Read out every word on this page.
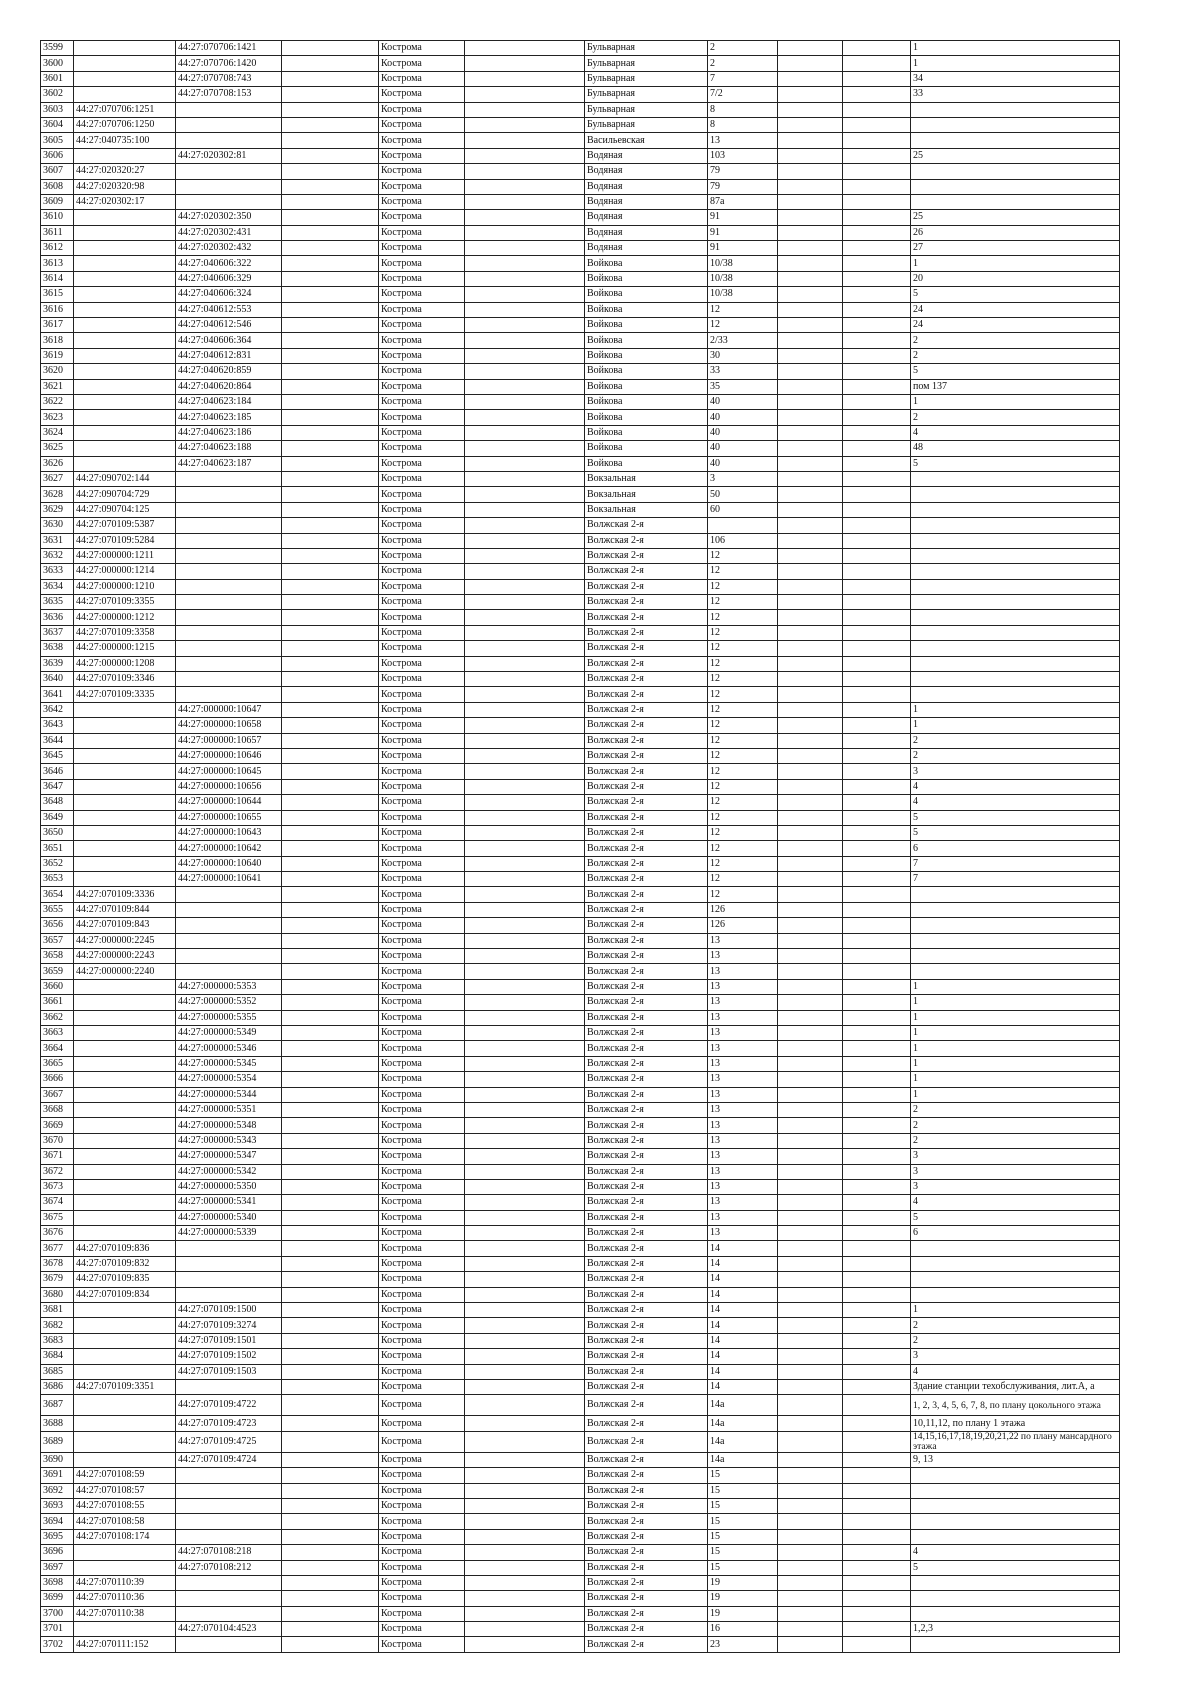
3599		44:27:070706:1421		Кострома		Бульварная	2			1
3600		44:27:070706:1420		Кострома		Бульварная	2			1
3601		44:27:070708:743		Кострома		Бульварная	7			34
3602		44:27:070708:153		Кострома		Бульварная	7/2			33
3603	44:27:070706:1251			Кострома		Бульварная	8			
3604	44:27:070706:1250			Кострома		Бульварная	8			
3605	44:27:040735:100			Кострома		Васильевская	13			
3606		44:27:020302:81		Кострома		Водяная	103			25
3607	44:27:020320:27			Кострома		Водяная	79			
3608	44:27:020320:98			Кострома		Водяная	79			
3609	44:27:020302:17			Кострома		Водяная	87а			
3610		44:27:020302:350		Кострома		Водяная	91			25
3611		44:27:020302:431		Кострома		Водяная	91			26
3612		44:27:020302:432		Кострома		Водяная	91			27
3613		44:27:040606:322		Кострома		Войкова	10/38			1
3614		44:27:040606:329		Кострома		Войкова	10/38			20
3615		44:27:040606:324		Кострома		Войкова	10/38			5
3616		44:27:040612:553		Кострома		Войкова	12			24
3617		44:27:040612:546		Кострома		Войкова	12			24
3618		44:27:040606:364		Кострома		Войкова	2/33			2
3619		44:27:040612:831		Кострома		Войкова	30			2
3620		44:27:040620:859		Кострома		Войкова	33			5
3621		44:27:040620:864		Кострома		Войкова	35			пом 137
3622		44:27:040623:184		Кострома		Войкова	40			1
3623		44:27:040623:185		Кострома		Войкова	40			2
3624		44:27:040623:186		Кострома		Войкова	40			4
3625		44:27:040623:188		Кострома		Войкова	40			48
3626		44:27:040623:187		Кострома		Войкова	40			5
3627	44:27:090702:144			Кострома		Вокзальная	3			
3628	44:27:090704:729			Кострома		Вокзальная	50			
3629	44:27:090704:125			Кострома		Вокзальная	60			
3630	44:27:070109:5387			Кострома		Волжская 2-я				
3631	44:27:070109:5284			Кострома		Волжская 2-я	106			
3632	44:27:000000:1211			Кострома		Волжская 2-я	12			
3633	44:27:000000:1214			Кострома		Волжская 2-я	12			
3634	44:27:000000:1210			Кострома		Волжская 2-я	12			
3635	44:27:070109:3355			Кострома		Волжская 2-я	12			
3636	44:27:000000:1212			Кострома		Волжская 2-я	12			
3637	44:27:070109:3358			Кострома		Волжская 2-я	12			
3638	44:27:000000:1215			Кострома		Волжская 2-я	12			
3639	44:27:000000:1208			Кострома		Волжская 2-я	12			
3640	44:27:070109:3346			Кострома		Волжская 2-я	12			
3641	44:27:070109:3335			Кострома		Волжская 2-я	12			
3642		44:27:000000:10647		Кострома		Волжская 2-я	12			1
3643		44:27:000000:10658		Кострома		Волжская 2-я	12			1
3644		44:27:000000:10657		Кострома		Волжская 2-я	12			2
3645		44:27:000000:10646		Кострома		Волжская 2-я	12			2
3646		44:27:000000:10645		Кострома		Волжская 2-я	12			3
3647		44:27:000000:10656		Кострома		Волжская 2-я	12			4
3648		44:27:000000:10644		Кострома		Волжская 2-я	12			4
3649		44:27:000000:10655		Кострома		Волжская 2-я	12			5
3650		44:27:000000:10643		Кострома		Волжская 2-я	12			5
3651		44:27:000000:10642		Кострома		Волжская 2-я	12			6
3652		44:27:000000:10640		Кострома		Волжская 2-я	12			7
3653		44:27:000000:10641		Кострома		Волжская 2-я	12			7
3654	44:27:070109:3336			Кострома		Волжская 2-я	12			
3655	44:27:070109:844			Кострома		Волжская 2-я	126			
3656	44:27:070109:843			Кострома		Волжская 2-я	126			
3657	44:27:000000:2245			Кострома		Волжская 2-я	13			
3658	44:27:000000:2243			Кострома		Волжская 2-я	13			
3659	44:27:000000:2240			Кострома		Волжская 2-я	13			
3660		44:27:000000:5353		Кострома		Волжская 2-я	13			1
3661		44:27:000000:5352		Кострома		Волжская 2-я	13			1
3662		44:27:000000:5355		Кострома		Волжская 2-я	13			1
3663		44:27:000000:5349		Кострома		Волжская 2-я	13			1
3664		44:27:000000:5346		Кострома		Волжская 2-я	13			1
3665		44:27:000000:5345		Кострома		Волжская 2-я	13			1
3666		44:27:000000:5354		Кострома		Волжская 2-я	13			1
3667		44:27:000000:5344		Кострома		Волжская 2-я	13			1
3668		44:27:000000:5351		Кострома		Волжская 2-я	13			2
3669		44:27:000000:5348		Кострома		Волжская 2-я	13			2
3670		44:27:000000:5343		Кострома		Волжская 2-я	13			2
3671		44:27:000000:5347		Кострома		Волжская 2-я	13			3
3672		44:27:000000:5342		Кострома		Волжская 2-я	13			3
3673		44:27:000000:5350		Кострома		Волжская 2-я	13			3
3674		44:27:000000:5341		Кострома		Волжская 2-я	13			4
3675		44:27:000000:5340		Кострома		Волжская 2-я	13			5
3676		44:27:000000:5339		Кострома		Волжская 2-я	13			6
3677	44:27:070109:836			Кострома		Волжская 2-я	14			
3678	44:27:070109:832			Кострома		Волжская 2-я	14			
3679	44:27:070109:835			Кострома		Волжская 2-я	14			
3680	44:27:070109:834			Кострома		Волжская 2-я	14			
3681		44:27:070109:1500		Кострома		Волжская 2-я	14			1
3682		44:27:070109:3274		Кострома		Волжская 2-я	14			2
3683		44:27:070109:1501		Кострома		Волжская 2-я	14			2
3684		44:27:070109:1502		Кострома		Волжская 2-я	14			3
3685		44:27:070109:1503		Кострома		Волжская 2-я	14			4
3686	44:27:070109:3351			Кострома		Волжская 2-я	14			Здание станции техобслуживания, лит.А, а
3687		44:27:070109:4722		Кострома		Волжская 2-я	14а			1, 2, 3, 4, 5, 6, 7, 8, по плану цокольного этажа
3688		44:27:070109:4723		Кострома		Волжская 2-я	14а			10,11,12, по плану 1 этажа
3689		44:27:070109:4725		Кострома		Волжская 2-я	14а			14,15,16,17,18,19,20,21,22 по плану мансардного этажа
3690		44:27:070109:4724		Кострома		Волжская 2-я	14а			9, 13
3691	44:27:070108:59			Кострома		Волжская 2-я	15			
3692	44:27:070108:57			Кострома		Волжская 2-я	15			
3693	44:27:070108:55			Кострома		Волжская 2-я	15			
3694	44:27:070108:58			Кострома		Волжская 2-я	15			
3695	44:27:070108:174			Кострома		Волжская 2-я	15			
3696		44:27:070108:218		Кострома		Волжская 2-я	15			4
3697		44:27:070108:212		Кострома		Волжская 2-я	15			5
3698	44:27:070110:39			Кострома		Волжская 2-я	19			
3699	44:27:070110:36			Кострома		Волжская 2-я	19			
3700	44:27:070110:38			Кострома		Волжская 2-я	19			
3701		44:27:070104:4523		Кострома		Волжская 2-я	16			1,2,3
3702	44:27:070111:152			Кострома		Волжская 2-я	23			
